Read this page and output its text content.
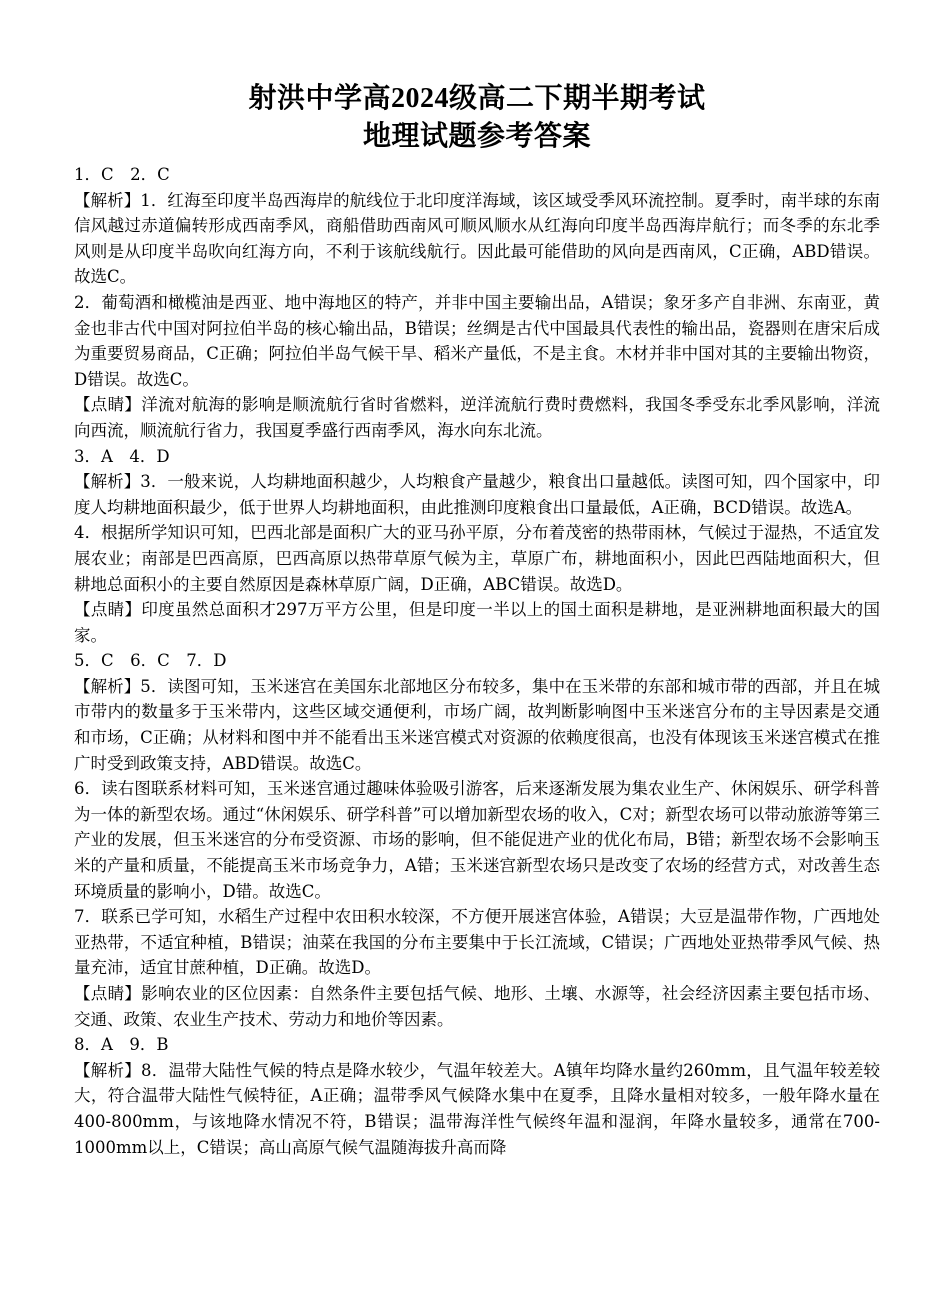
射洪中学高2024级高二下期半期考试
地理试题参考答案

1．C　2．C

【解析】1．红海至印度半岛西海岸的航线位于北印度洋海域，该区域受季风环流控制。夏季时，南半球的东南信风越过赤道偏转形成西南季风，商船借助西南风可顺风顺水从红海向印度半岛西海岸航行；而冬季的东北季风则是从印度半岛吹向红海方向，不利于该航线航行。因此最可能借助的风向是西南风，C正确，ABD错误。故选C。

2．葡萄酒和橄榄油是西亚、地中海地区的特产，并非中国主要输出品，A错误；象牙多产自非洲、东南亚，黄金也非古代中国对阿拉伯半岛的核心输出品，B错误；丝绸是古代中国最具代表性的输出品，瓷器则在唐宋后成为重要贸易商品，C正确；阿拉伯半岛气候干旱、稻米产量低，不是主食。木材并非中国对其的主要输出物资，D错误。故选C。

【点睛】洋流对航海的影响是顺流航行省时省燃料，逆洋流航行费时费燃料，我国冬季受东北季风影响，洋流向西流，顺流航行省力，我国夏季盛行西南季风，海水向东北流。

3．A　4．D

【解析】3．一般来说，人均耕地面积越少，人均粮食产量越少，粮食出口量越低。读图可知，四个国家中，印度人均耕地面积最少，低于世界人均耕地面积，由此推测印度粮食出口量最低，A正确，BCD错误。故选A。

4．根据所学知识可知，巴西北部是面积广大的亚马孙平原，分布着茂密的热带雨林，气候过于湿热，不适宜发展农业；南部是巴西高原，巴西高原以热带草原气候为主，草原广布，耕地面积小，因此巴西陆地面积大，但耕地总面积小的主要自然原因是森林草原广阔，D正确，ABC错误。故选D。

【点睛】印度虽然总面积才297万平方公里，但是印度一半以上的国土面积是耕地，是亚洲耕地面积最大的国家。

5．C　6．C　7．D

【解析】5．读图可知，玉米迷宫在美国东北部地区分布较多，集中在玉米带的东部和城市带的西部，并且在城市带内的数量多于玉米带内，这些区域交通便利，市场广阔，故判断影响图中玉米迷宫分布的主导因素是交通和市场，C正确；从材料和图中并不能看出玉米迷宫模式对资源的依赖度很高，也没有体现该玉米迷宫模式在推广时受到政策支持，ABD错误。故选C。

6．读右图联系材料可知，玉米迷宫通过趣味体验吸引游客，后来逐渐发展为集农业生产、休闲娱乐、研学科普为一体的新型农场。通过“休闲娱乐、研学科普”可以增加新型农场的收入，C对；新型农场可以带动旅游等第三产业的发展，但玉米迷宫的分布受资源、市场的影响，但不能促进产业的优化布局，B错；新型农场不会影响玉米的产量和质量，不能提高玉米市场竞争力，A错；玉米迷宫新型农场只是改变了农场的经营方式，对改善生态环境质量的影响小，D错。故选C。

7．联系已学可知，水稻生产过程中农田积水较深，不方便开展迷宫体验，A错误；大豆是温带作物，广西地处亚热带，不适宜种植，B错误；油菜在我国的分布主要集中于长江流域，C错误；广西地处亚热带季风气候、热量充沛，适宜甘蔗种植，D正确。故选D。

【点睛】影响农业的区位因素：自然条件主要包括气候、地形、土壤、水源等，社会经济因素主要包括市场、交通、政策、农业生产技术、劳动力和地价等因素。

8．A　9．B

【解析】8．温带大陆性气候的特点是降水较少，气温年较差大。A镇年均降水量约260mm，且气温年较差较大，符合温带大陆性气候特征，A正确；温带季风气候降水集中在夏季，且降水量相对较多，一般年降水量在400-800mm，与该地降水情况不符，B错误；温带海洋性气候终年温和湿润，年降水量较多，通常在700-1000mm以上，C错误；高山高原气候气温随海拔升高而降
